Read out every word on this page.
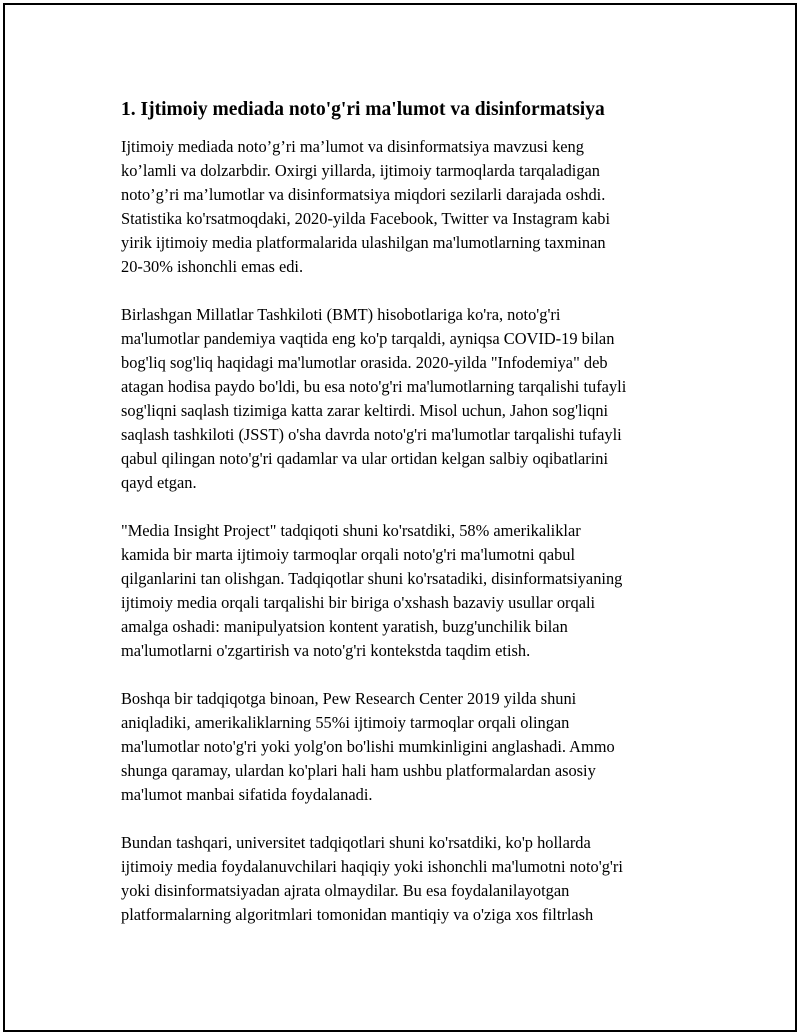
1. Ijtimoiy mediada noto'g'ri ma'lumot va disinformatsiya

Ijtimoiy mediada noto’g’ri ma’lumot va disinformatsiya mavzusi keng
ko’lamli va dolzarbdir. Oxirgi yillarda, ijtimoiy tarmoqlarda tarqaladigan
noto’g’ri ma’lumotlar va disinformatsiya miqdori sezilarli darajada oshdi.
Statistika ko'rsatmoqdaki, 2020-yilda Facebook, Twitter va Instagram kabi
yirik ijtimoiy media platformalarida ulashilgan ma'lumotlarning taxminan
20-30% ishonchli emas edi.

Birlashgan Millatlar Tashkiloti (BMT) hisobotlariga ko'ra, noto'g'ri
ma'lumotlar pandemiya vaqtida eng ko'p tarqaldi, ayniqsa COVID-19 bilan
bog'liq sog'liq haqidagi ma'lumotlar orasida. 2020-yilda "Infodemiya" deb
atagan hodisa paydo bo'ldi, bu esa noto'g'ri ma'lumotlarning tarqalishi tufayli
sog'liqni saqlash tizimiga katta zarar keltirdi. Misol uchun, Jahon sog'liqni
saqlash tashkiloti (JSST) o'sha davrda noto'g'ri ma'lumotlar tarqalishi tufayli
qabul qilingan noto'g'ri qadamlar va ular ortidan kelgan salbiy oqibatlarini
qayd etgan.

"Media Insight Project" tadqiqoti shuni ko'rsatdiki, 58% amerikaliklar
kamida bir marta ijtimoiy tarmoqlar orqali noto'g'ri ma'lumotni qabul
qilganlarini tan olishgan. Tadqiqotlar shuni ko'rsatadiki, disinformatsiyaning
ijtimoiy media orqali tarqalishi bir biriga o'xshash bazaviy usullar orqali
amalga oshadi: manipulyatsion kontent yaratish, buzg'unchilik bilan
ma'lumotlarni o'zgartirish va noto'g'ri kontekstda taqdim etish.

Boshqa bir tadqiqotga binoan, Pew Research Center 2019 yilda shuni
aniqladiki, amerikaliklarning 55%i ijtimoiy tarmoqlar orqali olingan
ma'lumotlar noto'g'ri yoki yolg'on bo'lishi mumkinligini anglashadi. Ammo
shunga qaramay, ulardan ko'plari hali ham ushbu platformalardan asosiy
ma'lumot manbai sifatida foydalanadi.

Bundan tashqari, universitet tadqiqotlari shuni ko'rsatdiki, ko'p hollarda
ijtimoiy media foydalanuvchilari haqiqiy yoki ishonchli ma'lumotni noto'g'ri
yoki disinformatsiyadan ajrata olmaydilar. Bu esa foydalanilayotgan
platformalarning algoritmlari tomonidan mantiqiy va o'ziga xos filtrlash
